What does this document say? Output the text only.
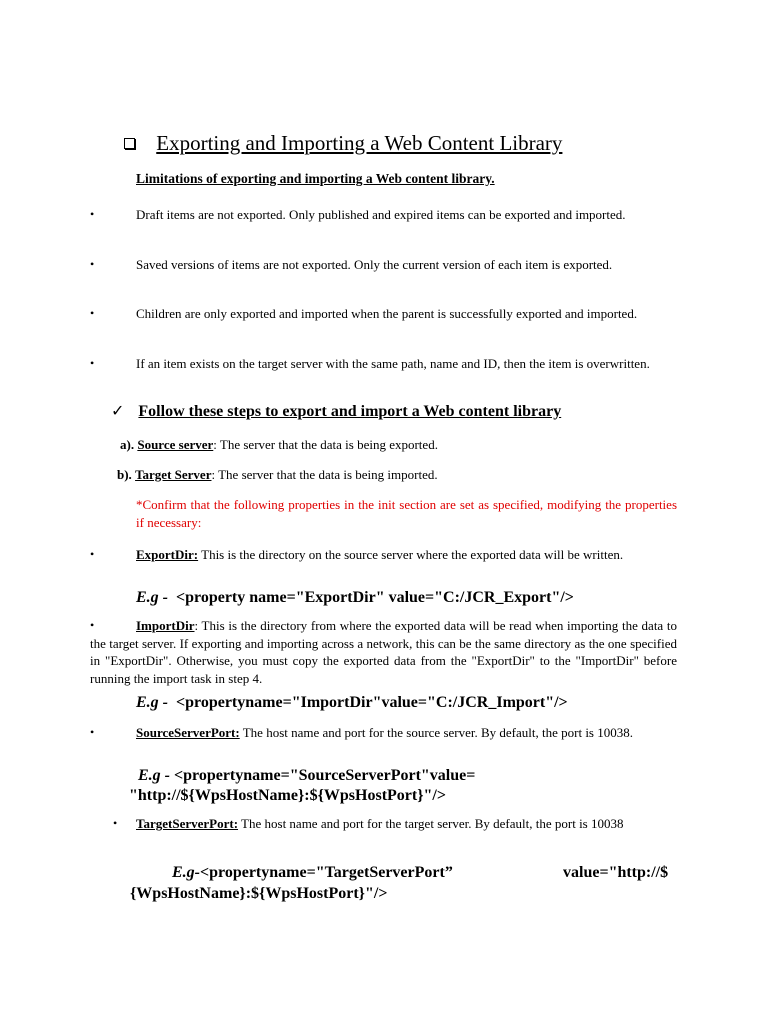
Exporting and Importing a Web Content Library
Limitations of exporting and importing a Web content library.
•	Draft items are not exported. Only published and expired items can be exported and imported.
•	Saved versions of items are not exported. Only the current version of each item is exported.
•	Children are only exported and imported when the parent is successfully exported and imported.
•	If an item exists on the target server with the same path, name and ID, then the item is overwritten.
✓ Follow these steps to export and import a Web content library
a). Source server: The server that the data is being exported.
b). Target Server: The server that the data is being imported.
*Confirm that the following properties in the init section are set as specified, modifying the properties if necessary:
•	ExportDir: This is the directory on the source server where the exported data will be written.
E.g - <property name="ExportDir" value="C:/JCR_Export"/>
•	ImportDir: This is the directory from where the exported data will be read when importing the data to the target server. If exporting and importing across a network, this can be the same directory as the one specified in "ExportDir". Otherwise, you must copy the exported data from the "ExportDir" to the "ImportDir" before running the import task in step 4.
E.g - <propertyname="ImportDir"value="C:/JCR_Import"/>
•	SourceServerPort: The host name and port for the source server. By default, the port is 10038.
E.g - <propertyname="SourceServerPort"value=
"http://${WpsHostName}:${WpsHostPort}"/>
• TargetServerPort: The host name and port for the target server. By default, the port is 10038
E.g-<propertyname="TargetServerPort”	value="http://$
{WpsHostName}:${WpsHostPort}"/>
